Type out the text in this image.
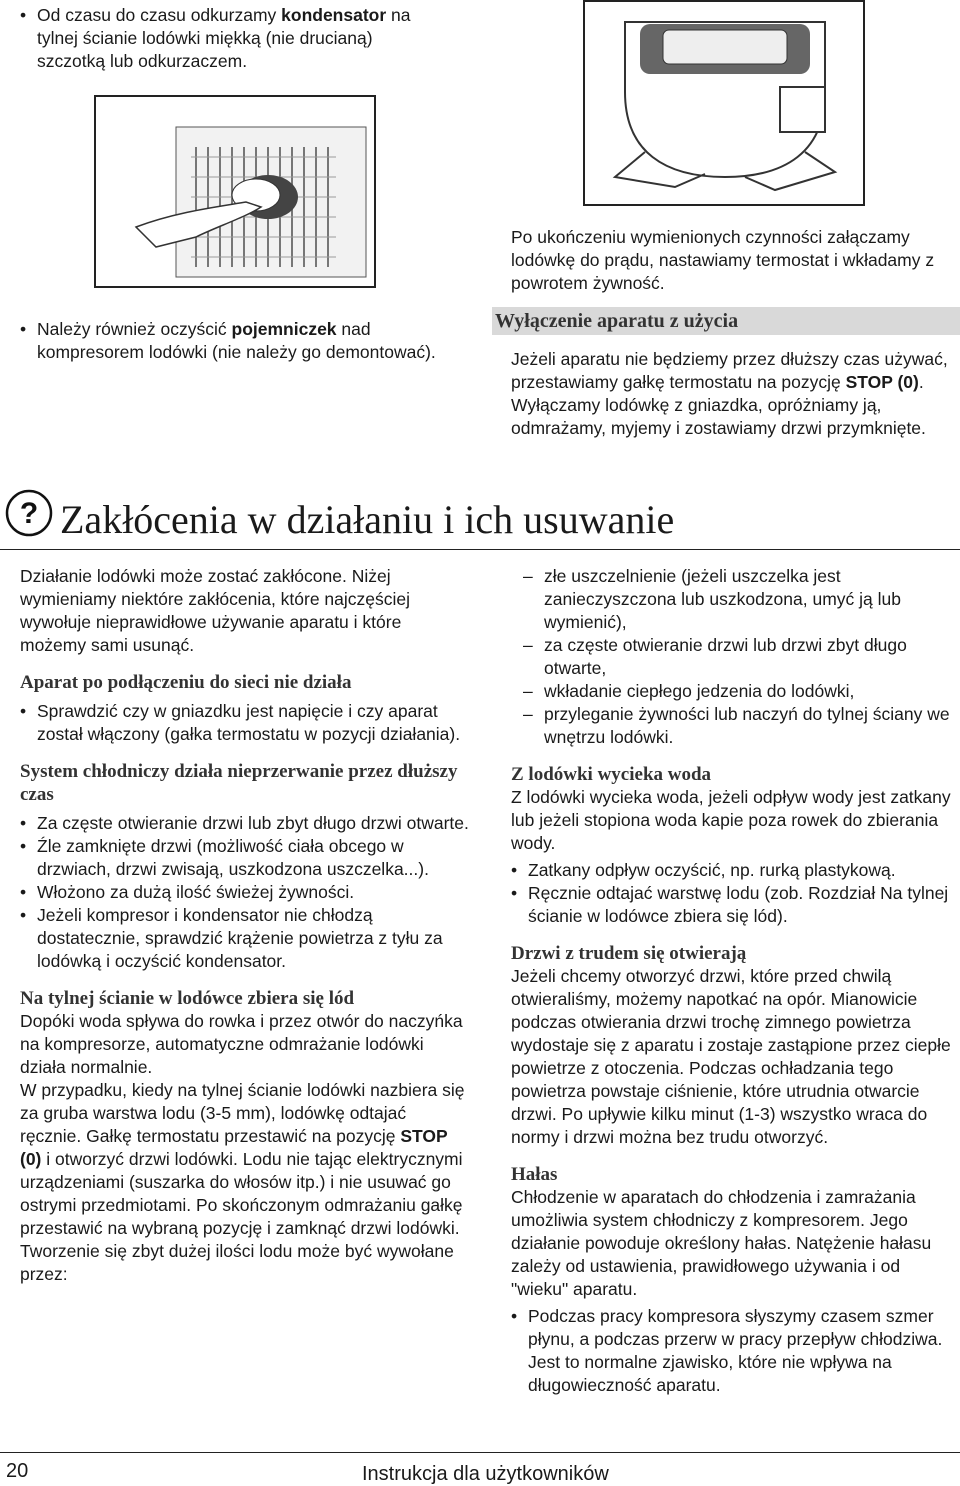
• Od czasu do czasu odkurzamy kondensator na tylnej ścianie lodówki miękką (nie drucianą) szczotką lub odkurzaczem.
• Należy również oczyścić pojemniczek nad kompresorem lodówki (nie należy go demontować).
Po ukończeniu wymienionych czynności załączamy lodówkę do prądu, nastawiamy termostat i wkładamy z powrotem żywność.
Wyłączenie aparatu z użycia
Jeżeli aparatu nie będziemy przez dłuższy czas używać, przestawiamy gałkę termostatu na pozycję STOP (0). Wyłączamy lodówkę z gniazdka, opróżniamy ją, odmrażamy, myjemy i zostawiamy drzwi przymknięte.
? Zakłócenia w działaniu i ich usuwanie
Działanie lodówki może zostać zakłócone. Niżej wymieniamy niektóre zakłócenia, które najczęściej wywołuje nieprawidłowe używanie aparatu i które możemy sami usunąć.
Aparat po podłączeniu do sieci nie działa
• Sprawdzić czy w gniazdku jest napięcie i czy aparat został włączony (gałka termostatu w pozycji działania).
System chłodniczy działa nieprzerwanie przez dłuższy czas
• Za częste otwieranie drzwi lub zbyt długo drzwi otwarte.
• Źle zamknięte drzwi (możliwość ciała obcego w drzwiach, drzwi zwisają, uszkodzona uszczelka...).
• Włożono za dużą ilość świeżej żywności.
• Jeżeli kompresor i kondensator nie chłodzą dostatecznie, sprawdzić krążenie powietrza z tyłu za lodówką i oczyścić kondensator.
Na tylnej ścianie w lodówce zbiera się lód
Dopóki woda spływa do rowka i przez otwór do naczyńka na kompresorze, automatyczne odmrażanie lodówki działa normalnie.
W przypadku, kiedy na tylnej ścianie lodówki nazbiera się za gruba warstwa lodu (3-5 mm), lodówkę odtajać ręcznie. Gałkę termostatu przestawić na pozycję STOP (0) i otworzyć drzwi lodówki. Lodu nie tając elektrycznymi urządzeniami (suszarka do włosów itp.) i nie usuwać go ostrymi przedmiotami. Po skończonym odmrażaniu gałkę przestawić na wybraną pozycję i zamknąć drzwi lodówki.
Tworzenie się zbyt dużej ilości lodu może być wywołane przez:
– złe uszczelnienie (jeżeli uszczelka jest zanieczyszczona lub uszkodzona, umyć ją lub wymienić),
– za częste otwieranie drzwi lub drzwi zbyt długo otwarte,
– wkładanie ciepłego jedzenia do lodówki,
– przyleganie żywności lub naczyń do tylnej ściany we wnętrzu lodówki.
Z lodówki wycieka woda
Z lodówki wycieka woda, jeżeli odpływ wody jest zatkany lub jeżeli stopiona woda kapie poza rowek do zbierania wody.
• Zatkany odpływ oczyścić, np. rurką plastykową.
• Ręcznie odtajać warstwę lodu (zob. Rozdział Na tylnej ścianie w lodówce zbiera się lód).
Drzwi z trudem się otwierają
Jeżeli chcemy otworzyć drzwi, które przed chwilą otwieraliśmy, możemy napotkać na opór. Mianowicie podczas otwierania drzwi trochę zimnego powietrza wydostaje się z aparatu i zostaje zastąpione przez ciepłe powietrze z otoczenia. Podczas ochładzania tego powietrza powstaje ciśnienie, które utrudnia otwarcie drzwi. Po upływie kilku minut (1-3) wszystko wraca do normy i drzwi można bez trudu otworzyć.
Hałas
Chłodzenie w aparatach do chłodzenia i zamrażania umożliwia system chłodniczy z kompresorem. Jego działanie powoduje określony hałas. Natężenie hałasu zależy od ustawienia, prawidłowego używania i od "wieku" aparatu.
• Podczas pracy kompresora słyszymy czasem szmer płynu, a podczas przerw w pracy przepływ chłodziwa. Jest to normalne zjawisko, które nie wpływa na długowieczność aparatu.
20	Instrukcja dla użytkowników
